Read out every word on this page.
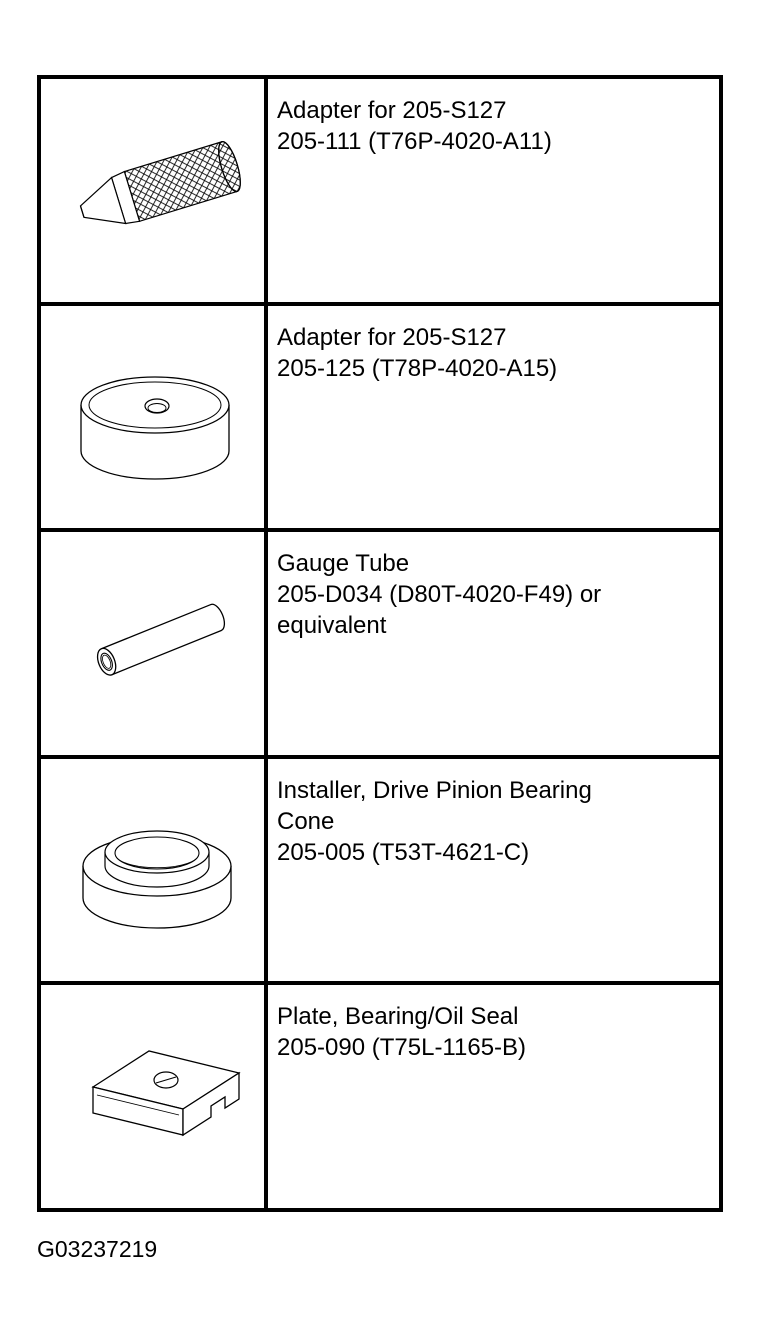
Adapter for 205-S127
205-111 (T76P-4020-A11)
Adapter for 205-S127
205-125 (T78P-4020-A15)
Gauge Tube
205-D034 (D80T-4020-F49) or
equivalent
Installer, Drive Pinion Bearing
Cone
205-005 (T53T-4621-C)
Plate, Bearing/Oil Seal
205-090 (T75L-1165-B)
G03237219
